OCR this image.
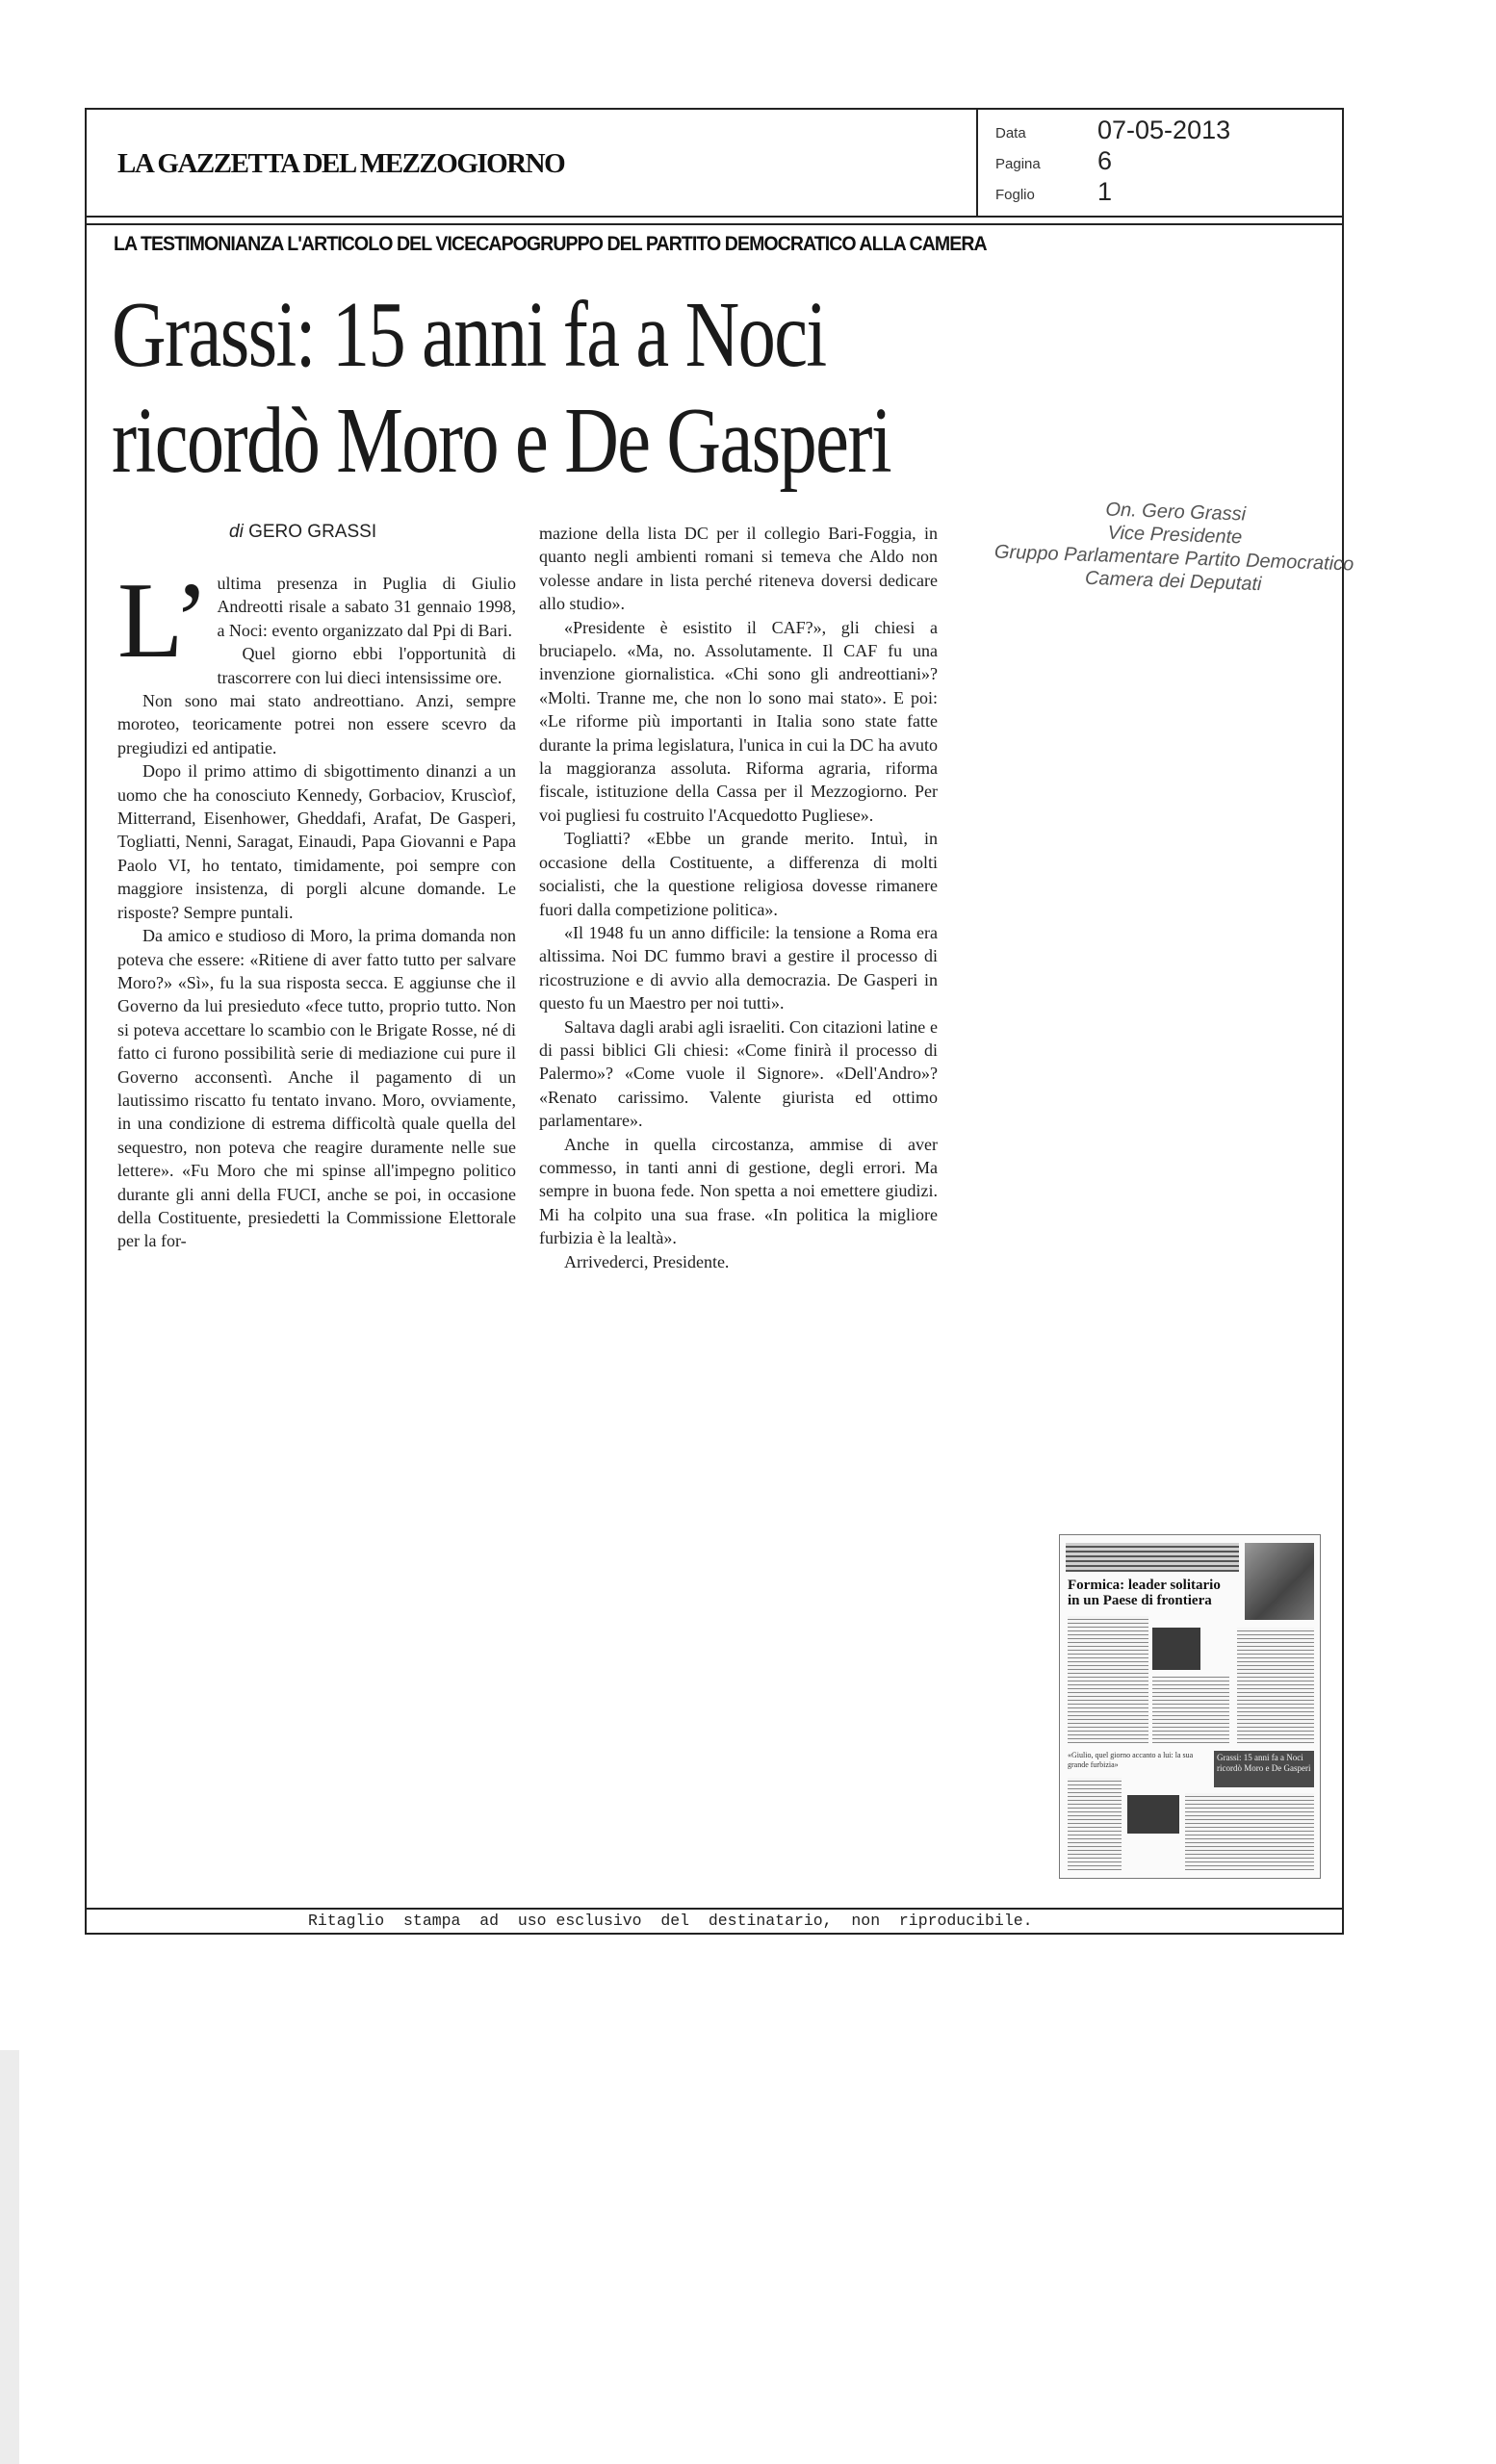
LA GAZZETTA DEL MEZZOGIORNO
Data	07-05-2013
Pagina 6
Foglio 1
LA TESTIMONIANZA L'ARTICOLO DEL VICECAPOGRUPPO DEL PARTITO DEMOCRATICO ALLA CAMERA
Grassi: 15 anni fa a Noci
ricordò Moro e De Gasperi
di GERO GRASSI
L’ ultima presenza in Puglia di Giulio Andreotti risale a sabato 31 gennaio 1998, a Noci: evento organizzato dal Ppi di Bari.

Quel giorno ebbi l'opportunità di trascorrere con lui dieci intensissime ore.

Non sono mai stato andreottiano. Anzi, sempre moroteo, teoricamente potrei non essere scevro da pregiudizi ed antipatie.

Dopo il primo attimo di sbigottimento dinanzi a un uomo che ha conosciuto Kennedy, Gorbaciov, Kruscìof, Mitterrand, Eisenhower, Gheddafi, Arafat, De Gasperi, Togliatti, Nenni, Saragat, Einaudi, Papa Giovanni e Papa Paolo VI, ho tentato, timidamente, poi sempre con maggiore insistenza, di porgli alcune domande. Le risposte? Sempre puntali.

Da amico e studioso di Moro, la prima domanda non poteva che essere: «Ritiene di aver fatto tutto per salvare Moro?» «Sì», fu la sua risposta secca. E aggiunse che il Governo da lui presieduto «fece tutto, proprio tutto. Non si poteva accettare lo scambio con le Brigate Rosse, né di fatto ci furono possibilità serie di mediazione cui pure il Governo acconsentì. Anche il pagamento di un lautissimo riscatto fu tentato invano. Moro, ovviamente, in una condizione di estrema difficoltà quale quella del sequestro, non poteva che reagire duramente nelle sue lettere». «Fu Moro che mi spinse all'impegno politico durante gli anni della FUCI, anche se poi, in occasione della Costituente, presiedetti la Commissione Elettorale per la for-

mazione della lista DC per il collegio Bari-Foggia, in quanto negli ambienti romani si temeva che Aldo non volesse andare in lista perché riteneva doversi dedicare allo studio».

«Presidente è esistito il CAF?», gli chiesi a bruciapelo. «Ma, no. Assolutamente. Il CAF fu una invenzione giornalistica. «Chi sono gli andreottiani»? «Molti. Tranne me, che non lo sono mai stato». E poi: «Le riforme più importanti in Italia sono state fatte durante la prima legislatura, l'unica in cui la DC ha avuto la maggioranza assoluta. Riforma agraria, riforma fiscale, istituzione della Cassa per il Mezzogiorno. Per voi pugliesi fu costruito l'Acquedotto Pugliese».

Togliatti? «Ebbe un grande merito. Intuì, in occasione della Costituente, a differenza di molti socialisti, che la questione religiosa dovesse rimanere fuori dalla competizione politica».

«Il 1948 fu un anno difficile: la tensione a Roma era altissima. Noi DC fummo bravi a gestire il processo di ricostruzione e di avvio alla democrazia. De Gasperi in questo fu un Maestro per noi tutti».

Saltava dagli arabi agli israeliti. Con citazioni latine e di passi biblici Gli chiesi: «Come finirà il processo di Palermo»? «Come vuole il Signore». «Dell'Andro»? «Renato carissimo. Valente giurista ed ottimo parlamentare».

Anche in quella circostanza, ammise di aver commesso, in tanti anni di gestione, degli errori. Ma sempre in buona fede. Non spetta a noi emettere giudizi. Mi ha colpito una sua frase. «In politica la migliore furbizia è la lealtà».

Arrivederci, Presidente.

On. Gero Grassi
Vice Presidente
Gruppo Parlamentare Partito Democratico
Camera dei Deputati
Formica: leader solitario in un Paese di frontiera
«Giulio, quel giorno accanto a lui: la sua grande furbizia»
Grassi: 15 anni fa a Noci ricordò Moro e De Gasperi
Ritaglio  stampa  ad  uso esclusivo  del  destinatario,  non  riproducibile.
